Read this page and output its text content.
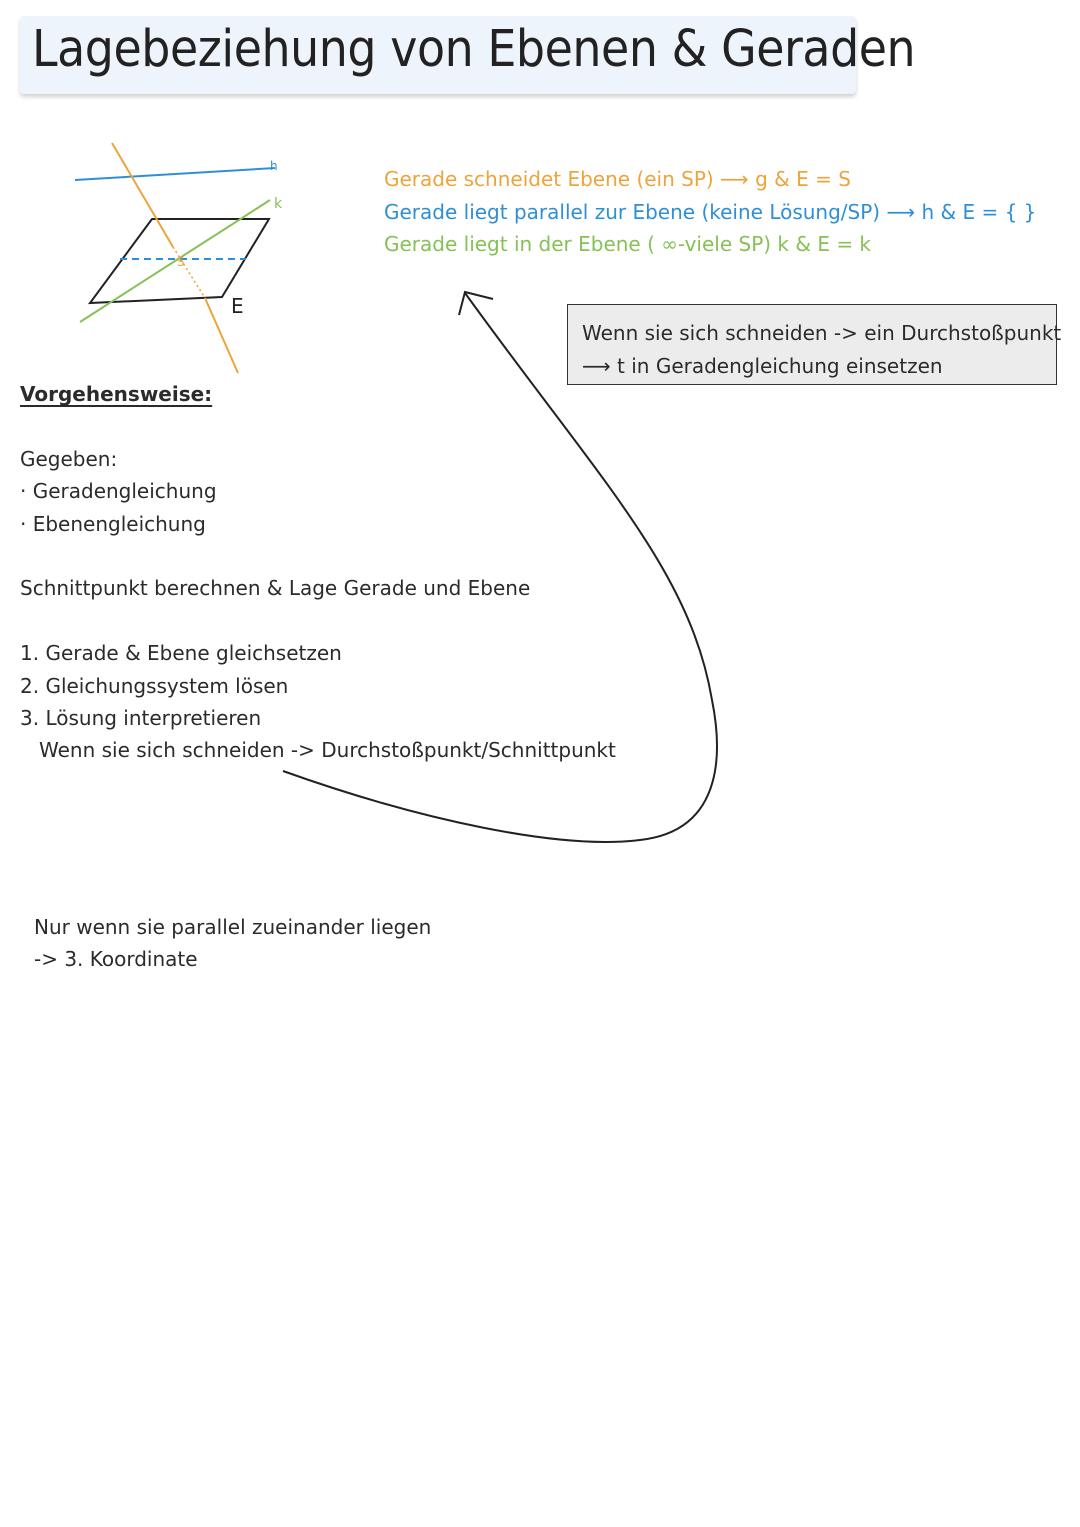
Lagebeziehung von Ebenen & Geraden
h
k
S
E
Gerade schneidet Ebene (ein SP) ⟶ g & E = S
Gerade liegt parallel zur Ebene (keine Lösung/SP) ⟶ h & E = { }
Gerade liegt in der Ebene ( ∞-viele SP) k & E = k
Wenn sie sich schneiden -> ein Durchstoßpunkt
⟶ t in Geradengleichung einsetzen
Vorgehensweise:
Gegeben:
· Geradengleichung
· Ebenengleichung
Schnittpunkt berechnen & Lage Gerade und Ebene
1. Gerade & Ebene gleichsetzen
2. Gleichungssystem lösen
3. Lösung interpretieren
Wenn sie sich schneiden -> Durchstoßpunkt/Schnittpunkt
Nur wenn sie parallel zueinander liegen
-> 3. Koordinate
